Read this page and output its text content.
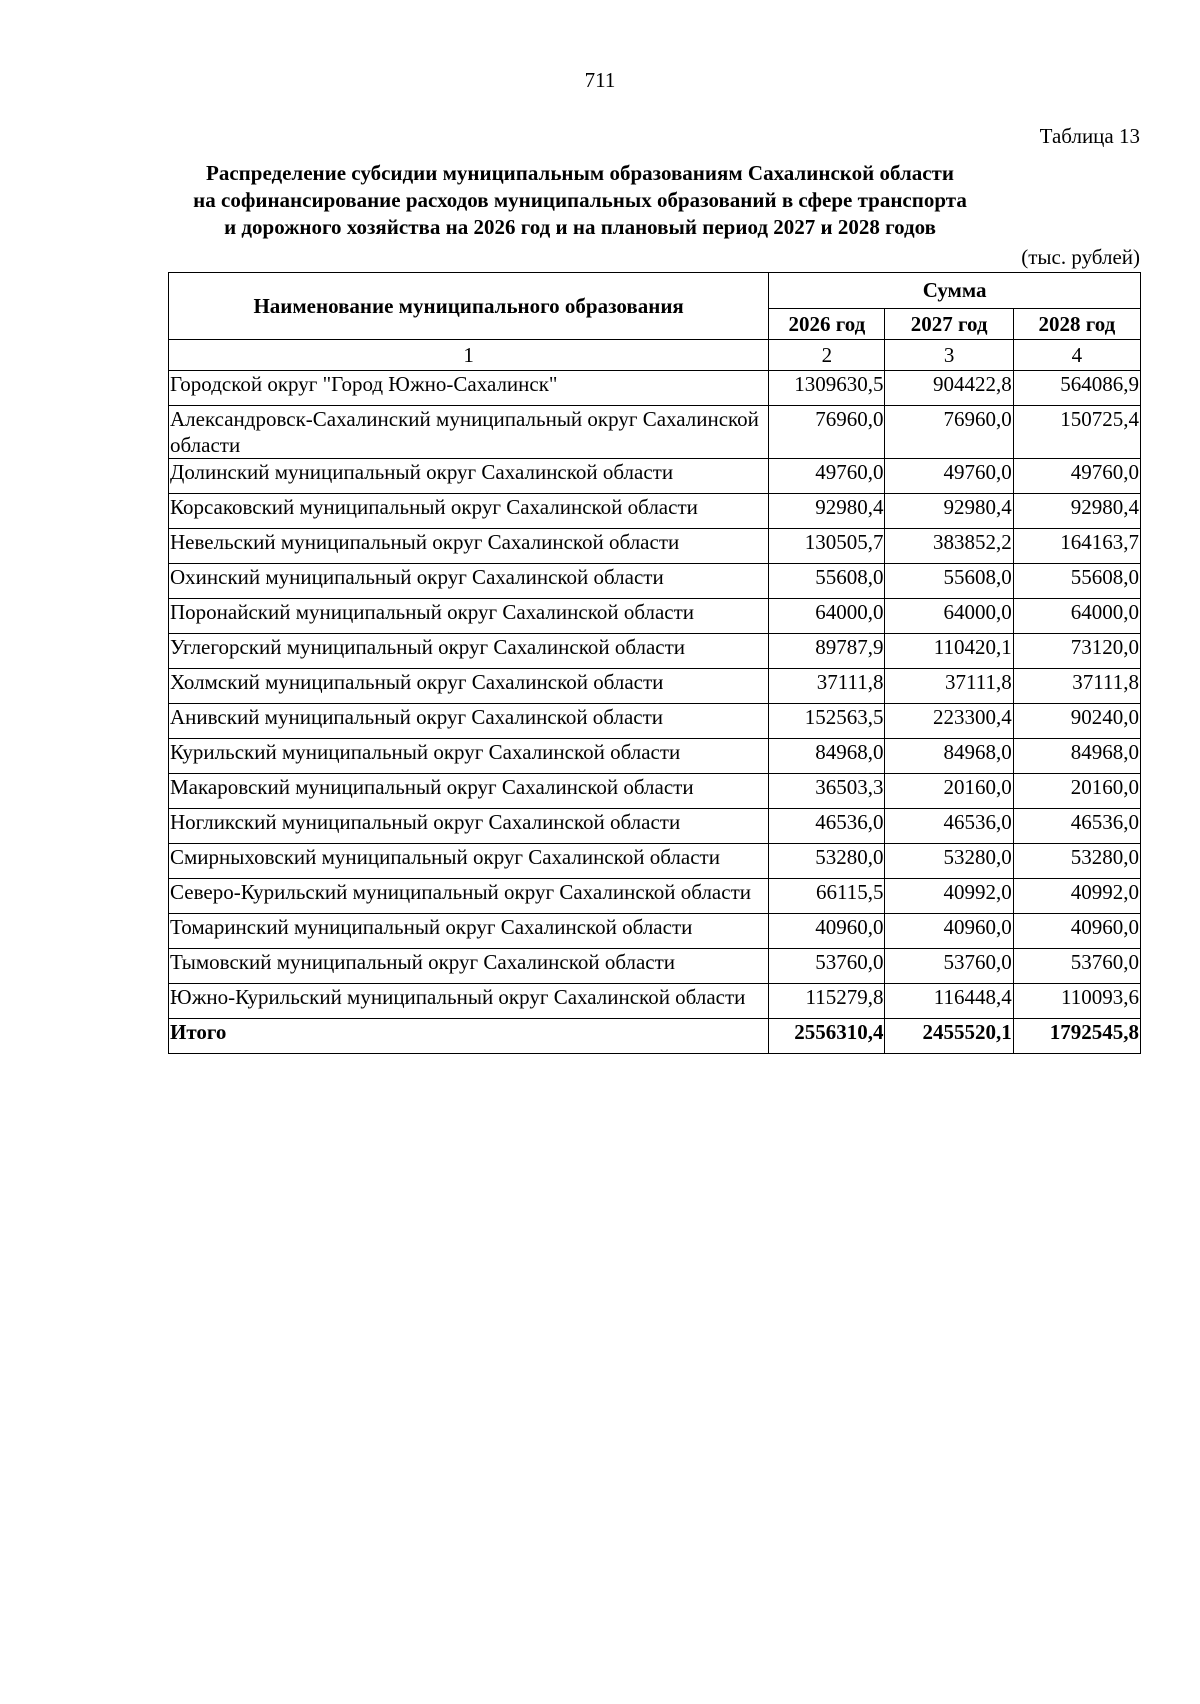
711
Таблица 13
Распределение субсидии муниципальным образованиям Сахалинской области
на софинансирование расходов муниципальных образований в сфере транспорта
и дорожного хозяйства на 2026 год и на плановый период 2027 и 2028 годов
(тыс. рублей)
Наименование муниципального образования	Сумма		
	2026 год	2027 год	2028 год
1	2	3	4
Городской округ "Город Южно-Сахалинск"	1309630,5	904422,8	564086,9
Александровск-Сахалинский муниципальный округ Сахалинской области	76960,0	76960,0	150725,4
Долинский муниципальный округ Сахалинской области	49760,0	49760,0	49760,0
Корсаковский муниципальный округ Сахалинской области	92980,4	92980,4	92980,4
Невельский муниципальный округ Сахалинской области	130505,7	383852,2	164163,7
Охинский муниципальный округ Сахалинской области	55608,0	55608,0	55608,0
Поронайский муниципальный округ Сахалинской области	64000,0	64000,0	64000,0
Углегорский муниципальный округ Сахалинской области	89787,9	110420,1	73120,0
Холмский муниципальный округ Сахалинской области	37111,8	37111,8	37111,8
Анивский муниципальный округ Сахалинской области	152563,5	223300,4	90240,0
Курильский муниципальный округ Сахалинской области	84968,0	84968,0	84968,0
Макаровский муниципальный округ Сахалинской области	36503,3	20160,0	20160,0
Ногликский муниципальный округ Сахалинской области	46536,0	46536,0	46536,0
Смирныховский муниципальный округ Сахалинской области	53280,0	53280,0	53280,0
Северо-Курильский муниципальный округ Сахалинской области	66115,5	40992,0	40992,0
Томаринский муниципальный округ Сахалинской области	40960,0	40960,0	40960,0
Тымовский муниципальный округ Сахалинской области	53760,0	53760,0	53760,0
Южно-Курильский муниципальный округ Сахалинской области	115279,8	116448,4	110093,6
Итого	2556310,4	2455520,1	1792545,8
